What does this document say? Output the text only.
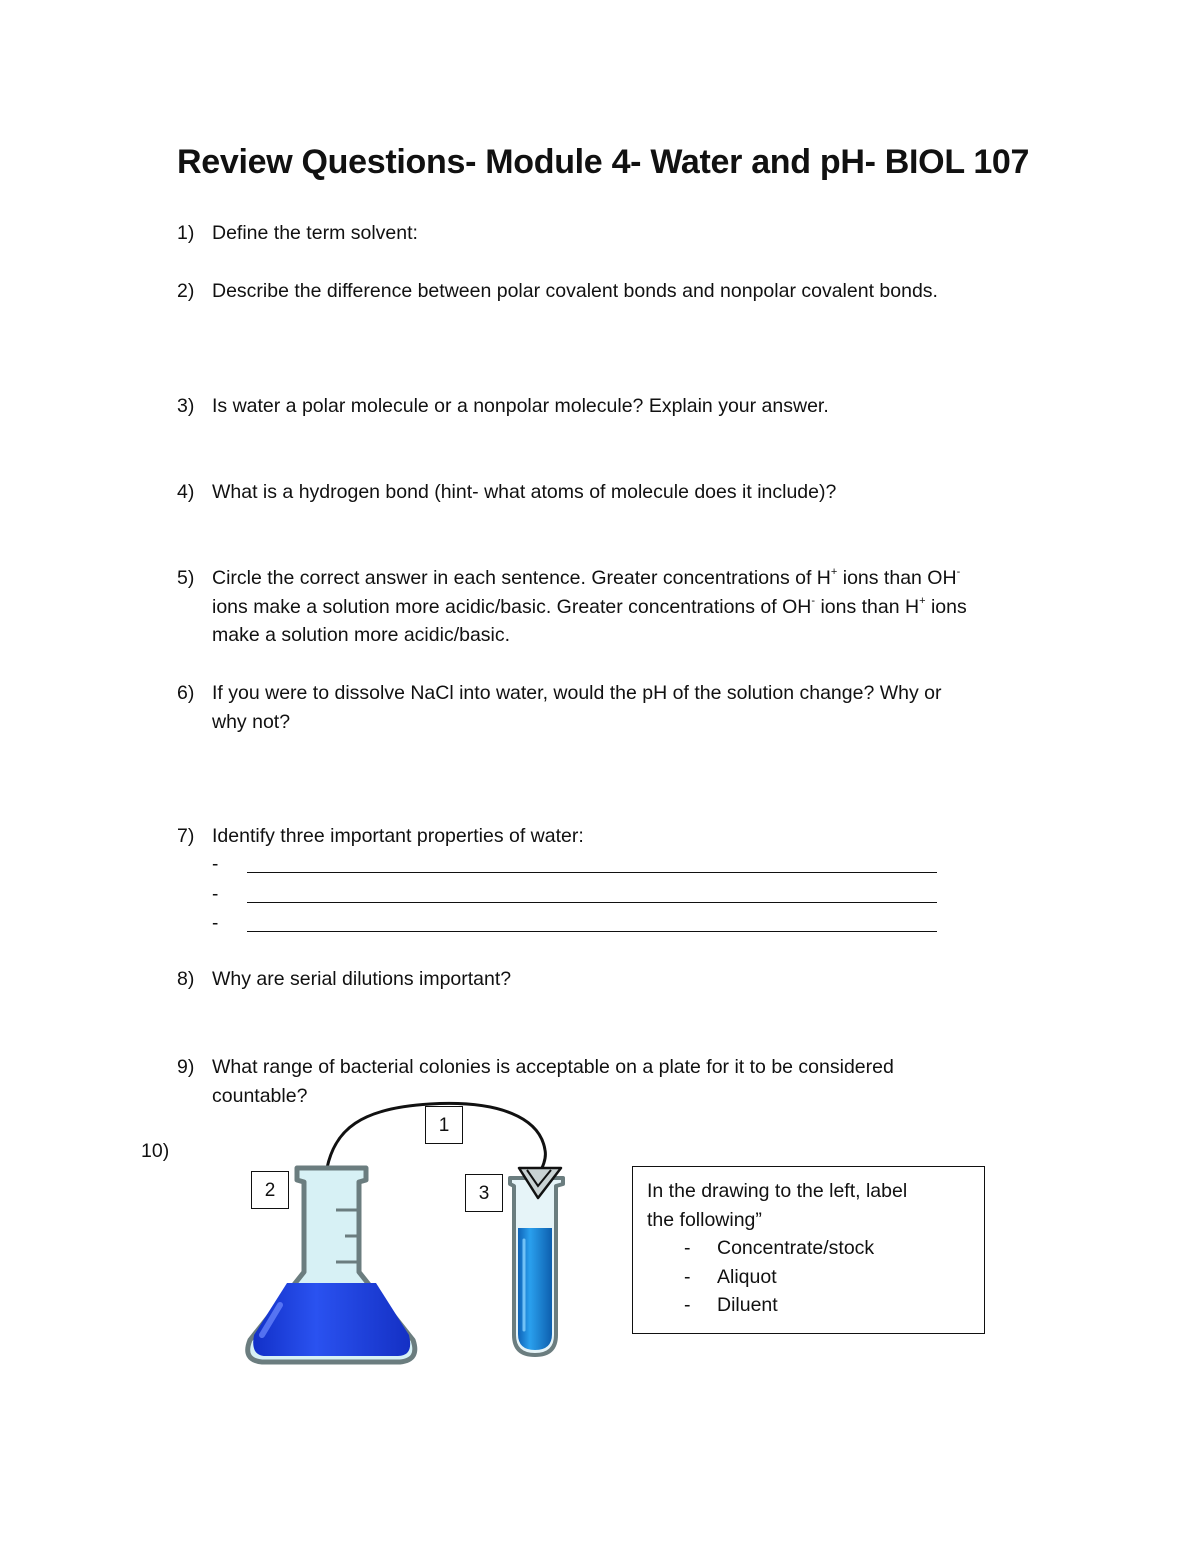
Review Questions- Module 4- Water and pH- BIOL 107
1) Define the term solvent:
2) Describe the difference between polar covalent bonds and nonpolar covalent bonds.
3) Is water a polar molecule or a nonpolar molecule? Explain your answer.
4) What is a hydrogen bond (hint- what atoms of molecule does it include)?
5) Circle the correct answer in each sentence. Greater concentrations of H+ ions than OH-
ions make a solution more acidic/basic. Greater concentrations of OH- ions than H+ ions
make a solution more acidic/basic.
6) If you were to dissolve NaCl into water, would the pH of the solution change? Why or
why not?
7) Identify three important properties of water:
-
-
-
8) Why are serial dilutions important?
9) What range of bacterial colonies is acceptable on a plate for it to be considered
countable?
10)
1
2	3	In the drawing to the left, label
the following”
- Concentrate/stock
- Aliquot
- Diluent
